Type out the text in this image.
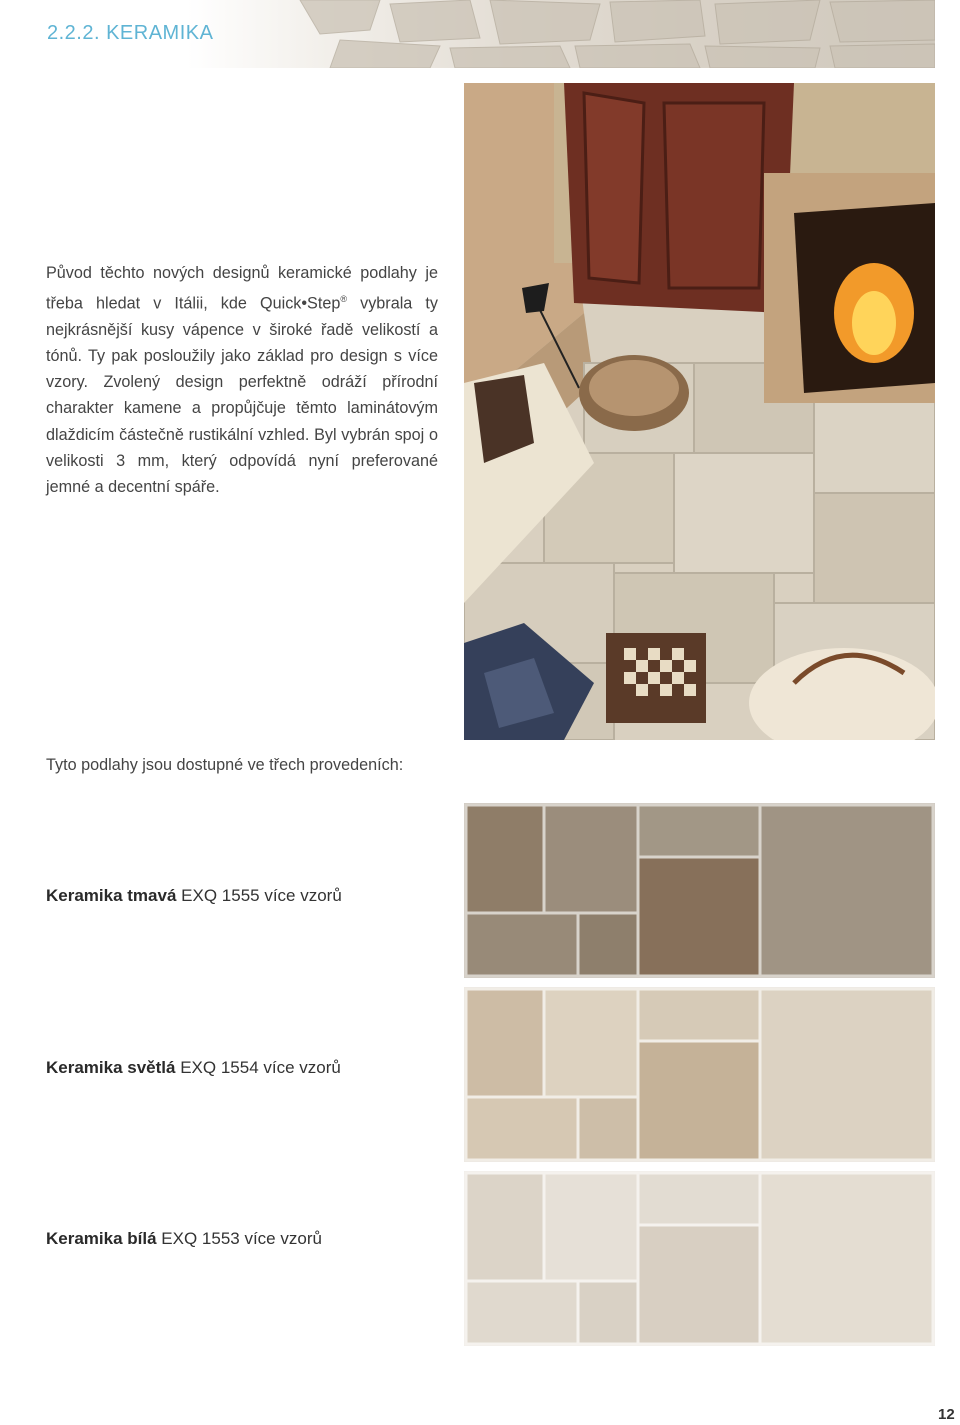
2.2.2. KERAMIKA

Původ těchto nových designů keramické podlahy je třeba hledat v Itálii, kde Quick•Step® vybrala ty nejkrásnější kusy vápence v široké řadě velikostí a tónů. Ty pak posloužily jako základ pro design s více vzory. Zvolený design perfektně odráží přírodní charakter kamene a propůjčuje těmto laminátovým dlaždicím částečně rustikální vzhled. Byl vybrán spoj o velikosti 3 mm, který odpovídá nyní preferované jemné a decentní spáře.

Tyto podlahy jsou dostupné ve třech provedeních:

Keramika tmavá EXQ 1555 více vzorů

Keramika světlá EXQ 1554 více vzorů

Keramika bílá EXQ 1553 více vzorů

12
